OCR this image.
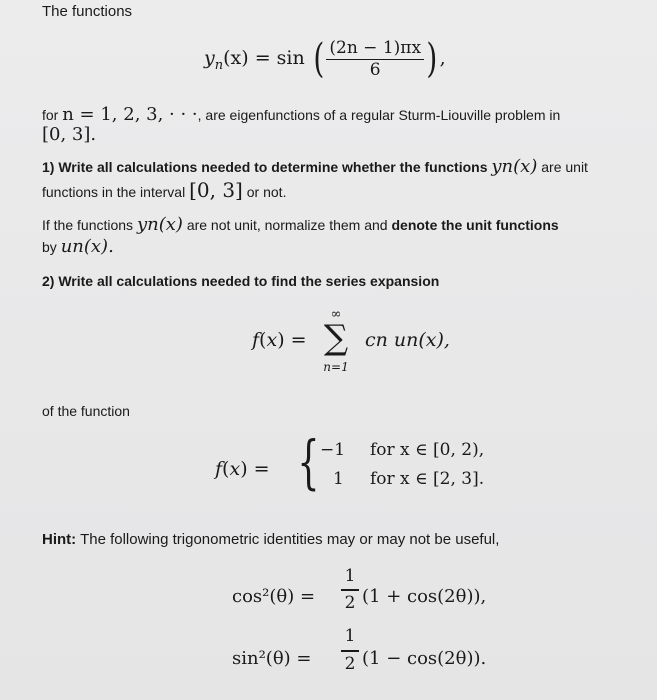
The functions
$y_n(x) = \sin$ ( $\frac{(2n - 1)\pi x}{6}$ ) ,
for n = 1, 2, 3, · · ·, are eigenfunctions of a regular Sturm-Liouville problem in
[0, 3].
1) Write all calculations needed to determine whether the functions yn(x) are unit
functions in the interval [0, 3] or not.
If the functions yn(x) are not unit, normalize them and denote the unit functions
by un(x).
2) Write all calculations needed to find the series expansion
f(x) =
∞
∑
n=1
cn un(x),
of the function
f(x) = { −1 for x ∈ [0, 2),
1 for x ∈ [2, 3].
Hint: The following trigonometric identities may or may not be useful,
cos²(θ) =
1
2 (1 + cos(2θ)),
sin²(θ) =
1
2 (1 − cos(2θ)).
